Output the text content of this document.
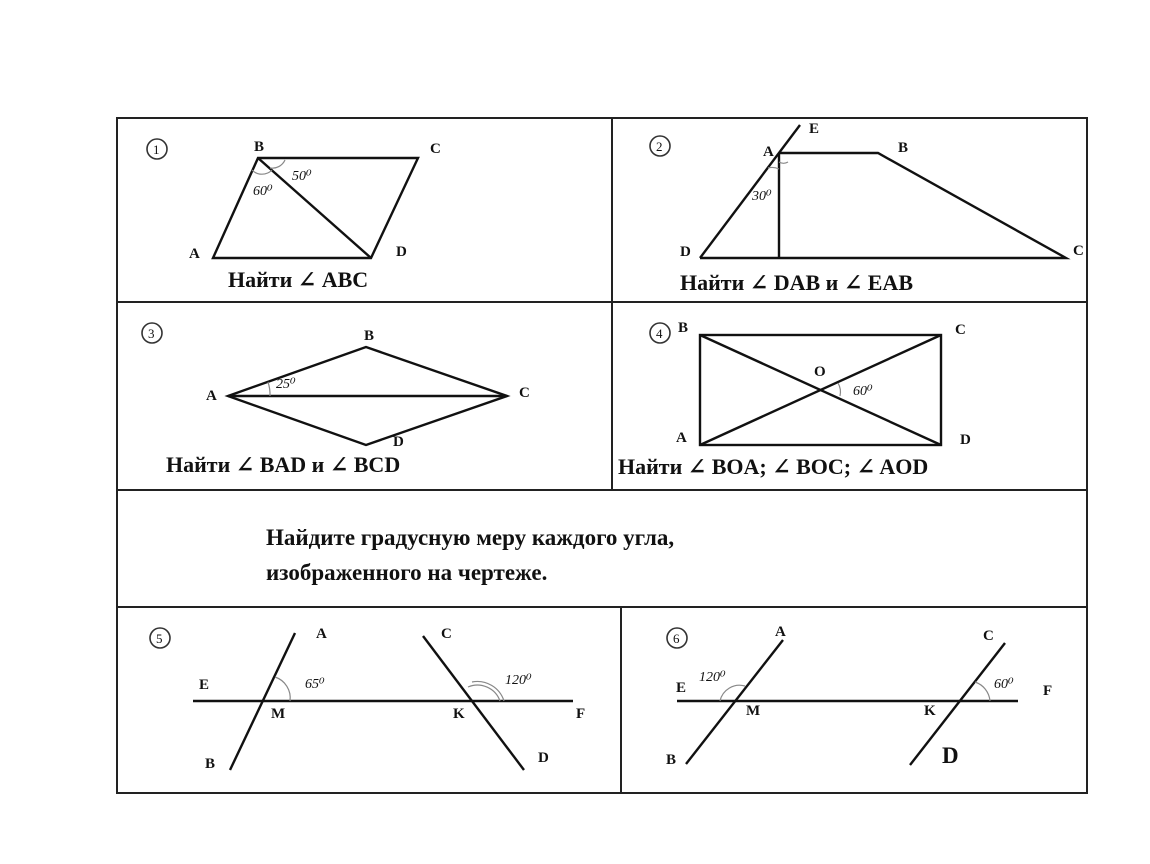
1	B	C
A	D
60⁰
50⁰
Найти ∠ ABC
2
E
A	B
C
D
30⁰
Найти ∠ DAB и ∠ EAB
3	B
A	C
D
25⁰
Найти ∠ BAD и ∠ BCD
4 B	C
A	D
O
60⁰
Найти ∠ BOA; ∠ BOC; ∠ AOD
Найдите градусную меру каждого угла,
изображенного на чертеже.
5	A
B
C
D
E
F
M	K
65⁰	120⁰
6	A
B
C
D
E	F
M	K
120⁰	60⁰
